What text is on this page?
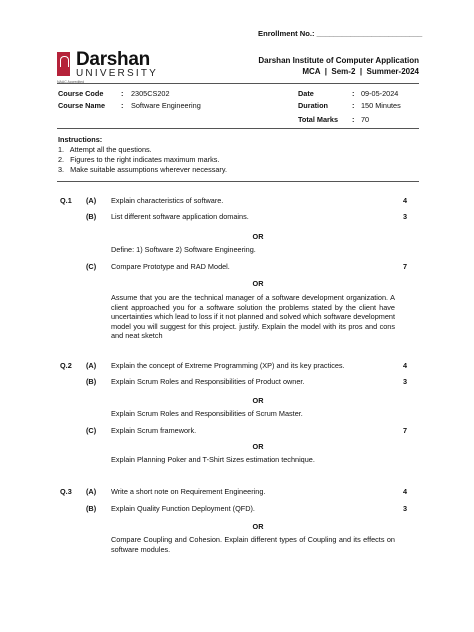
Enrollment No.: _________________________
Darshan
UNIVERSITY
NAAC Accredited
Darshan Institute of Computer Application
MCA  |  Sem-2  |  Summer-2024
Course Code : 2305CS202
Course Name : Software Engineering
Date	: 09-05-2024
Duration	: 150 Minutes
Total Marks : 70
Instructions:
1.   Attempt all the questions.
2.   Figures to the right indicates maximum marks.
3.   Make suitable assumptions wherever necessary.
Q.1 (A) Explain characteristics of software.	4
(B) List different software application domains.	3
OR
Define: 1) Software 2) Software Engineering.
(C) Compare Prototype and RAD Model.	7
OR
Assume that you are the technical manager of a software development organization. A client approached you for a software solution the problems stated by the client have uncertainties which lead to loss if it not planned and solved which software development model you will suggest for this project. justify. Explain the model with its pros and cons and neat sketch
Q.2 (A) Explain the concept of Extreme Programming (XP) and its key practices.	4
(B) Explain Scrum Roles and Responsibilities of Product owner.	3
OR
Explain Scrum Roles and Responsibilities of Scrum Master.
(C) Explain Scrum framework.	7
OR
Explain Planning Poker and T-Shirt Sizes estimation technique.
Q.3 (A) Write a short note on Requirement Engineering.	4
(B) Explain Quality Function Deployment (QFD).	3
OR
Compare Coupling and Cohesion. Explain different types of Coupling and its effects on software modules.
